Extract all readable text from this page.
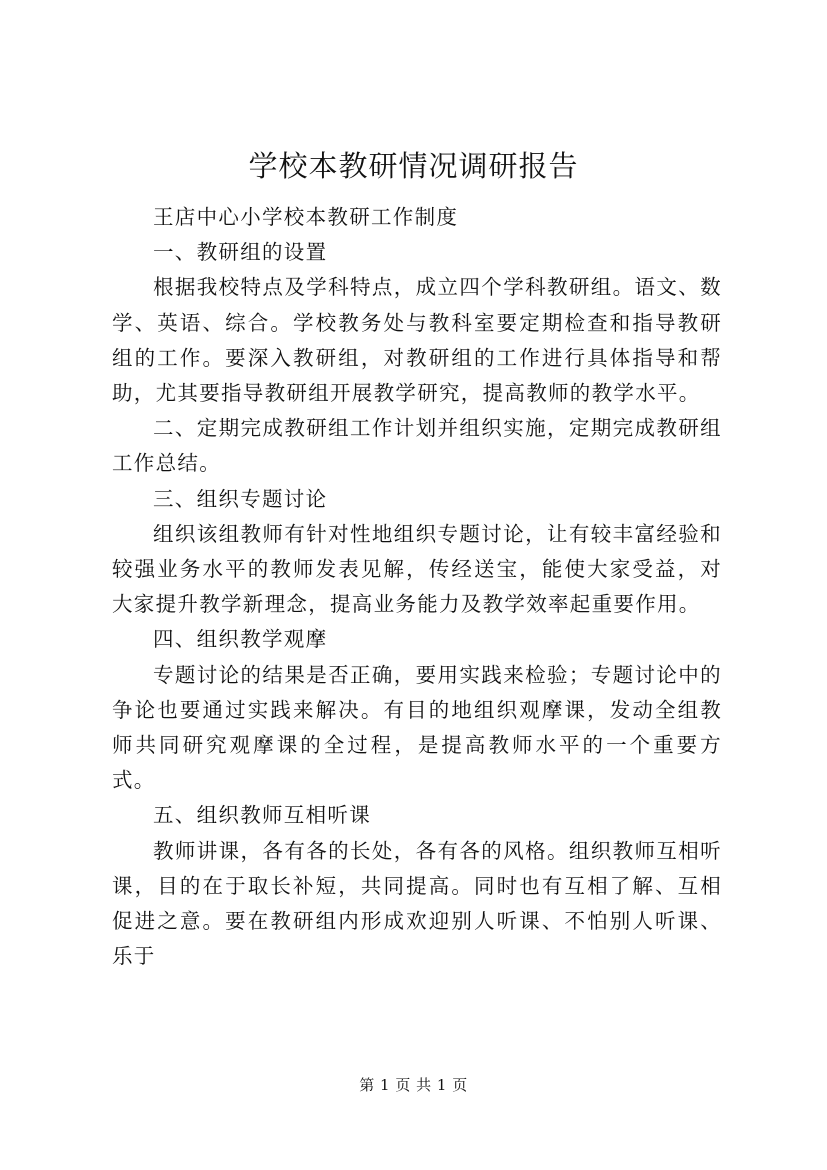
学校本教研情况调研报告

王店中心小学校本教研工作制度

一、教研组的设置

根据我校特点及学科特点，成立四个学科教研组。语文、数学、英语、综合。学校教务处与教科室要定期检查和指导教研组的工作。要深入教研组，对教研组的工作进行具体指导和帮助，尤其要指导教研组开展教学研究，提高教师的教学水平。

二、定期完成教研组工作计划并组织实施，定期完成教研组工作总结。

三、组织专题讨论

组织该组教师有针对性地组织专题讨论，让有较丰富经验和较强业务水平的教师发表见解，传经送宝，能使大家受益，对大家提升教学新理念，提高业务能力及教学效率起重要作用。

四、组织教学观摩

专题讨论的结果是否正确，要用实践来检验；专题讨论中的争论也要通过实践来解决。有目的地组织观摩课，发动全组教师共同研究观摩课的全过程，是提高教师水平的一个重要方式。

五、组织教师互相听课

教师讲课，各有各的长处，各有各的风格。组织教师互相听课，目的在于取长补短，共同提高。同时也有互相了解、互相促进之意。要在教研组内形成欢迎别人听课、不怕别人听课、乐于

第 1 页 共 1 页
